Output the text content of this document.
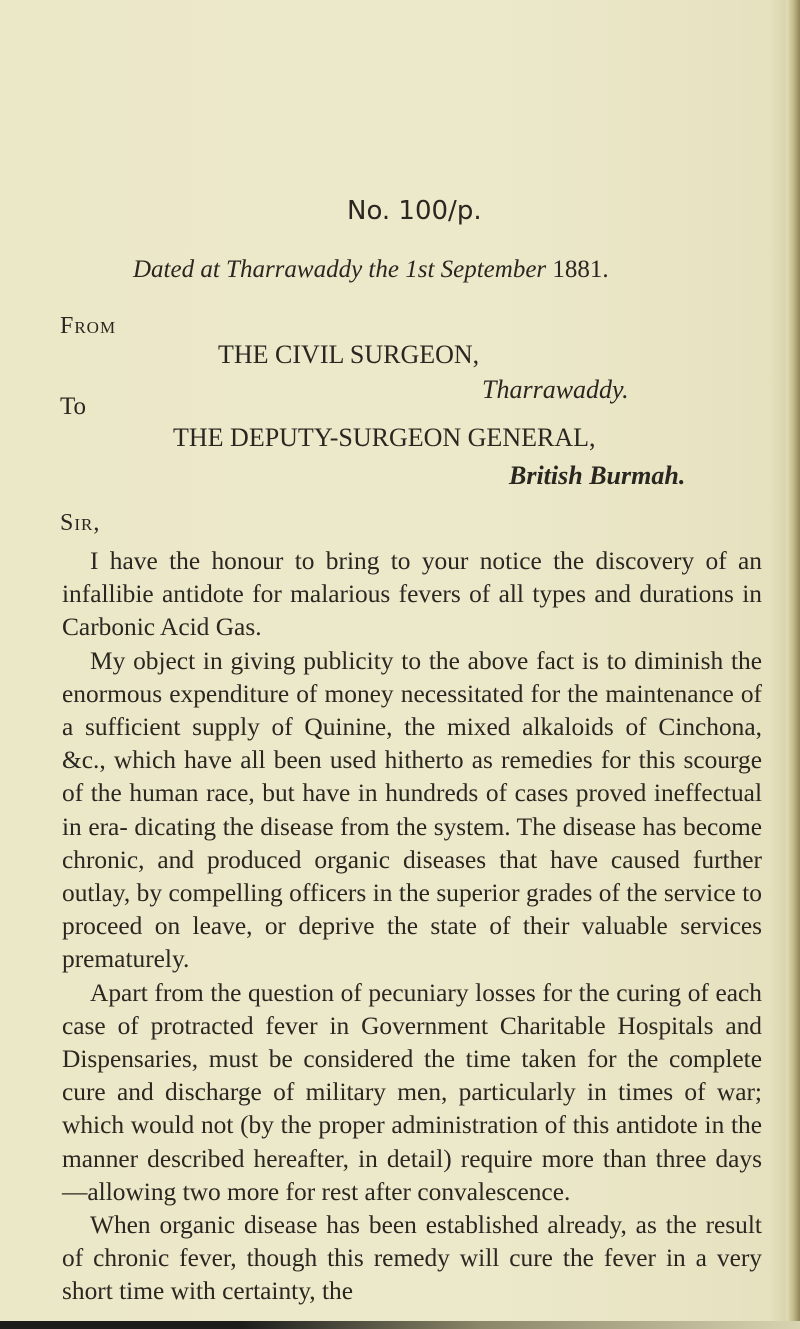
No. 100/p.
Dated at Tharrawaddy the 1st September 1881.
From
THE CIVIL SURGEON,
Tharrawaddy.
To
THE DEPUTY-SURGEON GENERAL,
British Burmah.
Sir,

I have the honour to bring to your notice the discovery of an infallibie antidote for malarious fevers of all types and durations in Carbonic Acid Gas.

My object in giving publicity to the above fact is to diminish the enormous expenditure of money necessitated for the maintenance of a sufficient supply of Quinine, the mixed alkaloids of Cinchona, &c., which have all been used hitherto as remedies for this scourge of the human race, but have in hundreds of cases proved ineffectual in era- dicating the disease from the system. The disease has become chronic, and produced organic diseases that have caused further outlay, by compelling officers in the superior grades of the service to proceed on leave, or deprive the state of their valuable services prematurely.

Apart from the question of pecuniary losses for the curing of each case of protracted fever in Government Charitable Hospitals and Dispensaries, must be considered the time taken for the complete cure and discharge of military men, particularly in times of war; which would not (by the proper administration of this antidote in the manner described hereafter, in detail) require more than three days—allowing two more for rest after convalescence.

When organic disease has been established already, as the result of chronic fever, though this remedy will cure the fever in a very short time with certainty, the
